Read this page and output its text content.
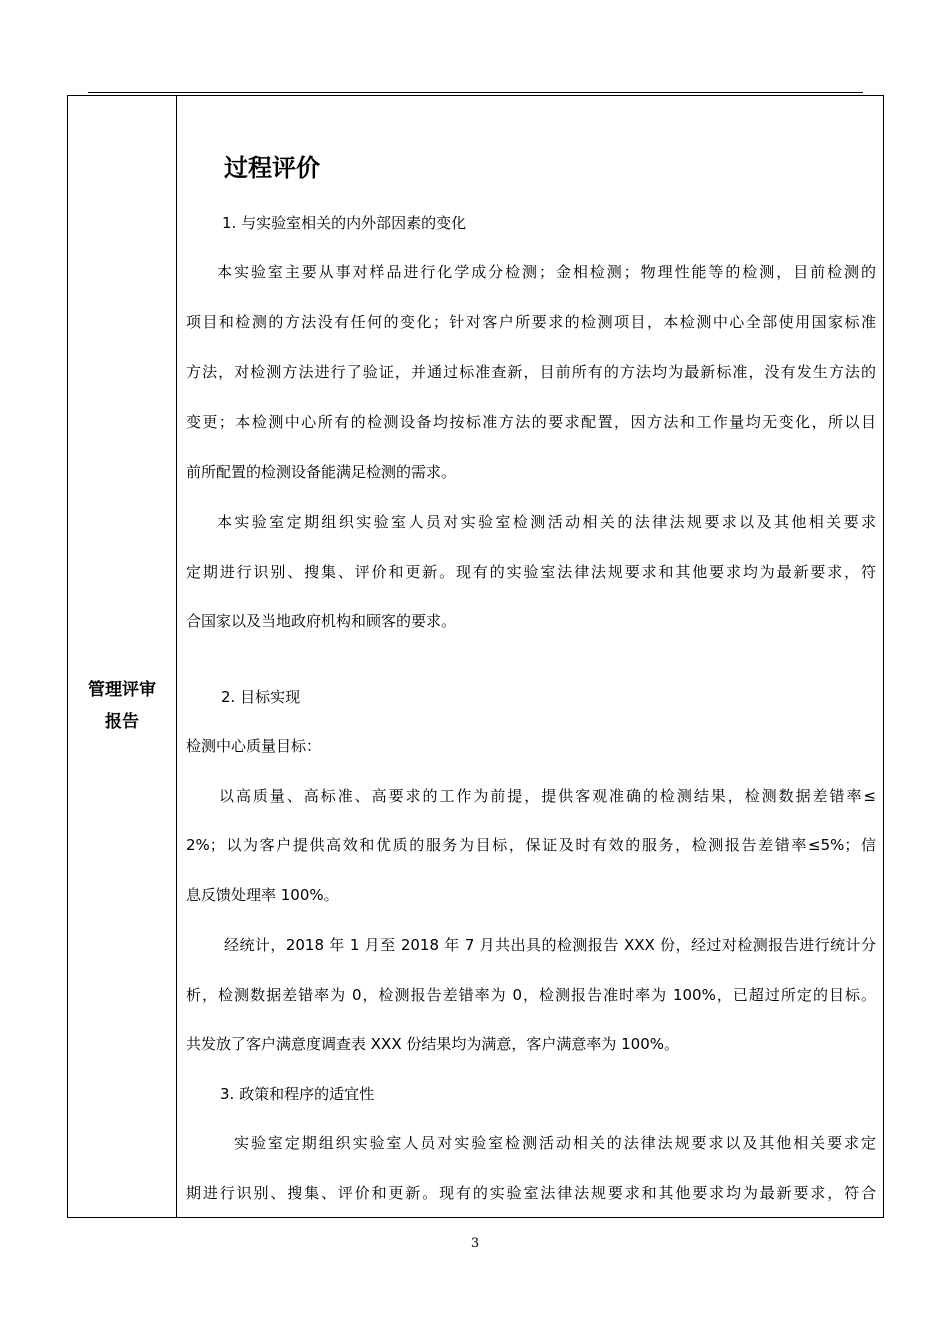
管理评审
报告
过程评价
1. 与实验室相关的内外部因素的变化
本实验室主要从事对样品进行化学成分检测；金相检测；物理性能等的检测，目前检测的
项目和检测的方法没有任何的变化；针对客户所要求的检测项目，本检测中心全部使用国家标准
方法，对检测方法进行了验证，并通过标准查新，目前所有的方法均为最新标准，没有发生方法的
变更；本检测中心所有的检测设备均按标准方法的要求配置，因方法和工作量均无变化，所以目
前所配置的检测设备能满足检测的需求。
本实验室定期组织实验室人员对实验室检测活动相关的法律法规要求以及其他相关要求
定期进行识别、搜集、评价和更新。现有的实验室法律法规要求和其他要求均为最新要求，符
合国家以及当地政府机构和顾客的要求。
2. 目标实现
检测中心质量目标：
以高质量、高标准、高要求的工作为前提，提供客观准确的检测结果，检测数据差错率≤
2%；以为客户提供高效和优质的服务为目标，保证及时有效的服务，检测报告差错率≤5%；信
息反馈处理率 100%。
经统计，2018 年 1 月至 2018 年 7 月共出具的检测报告 XXX 份，经过对检测报告进行统计分
析，检测数据差错率为 0，检测报告差错率为 0，检测报告准时率为 100%，已超过所定的目标。
共发放了客户满意度调查表 XXX 份结果均为满意，客户满意率为 100%。
3. 政策和程序的适宜性
实验室定期组织实验室人员对实验室检测活动相关的法律法规要求以及其他相关要求定
期进行识别、搜集、评价和更新。现有的实验室法律法规要求和其他要求均为最新要求，符合
3
